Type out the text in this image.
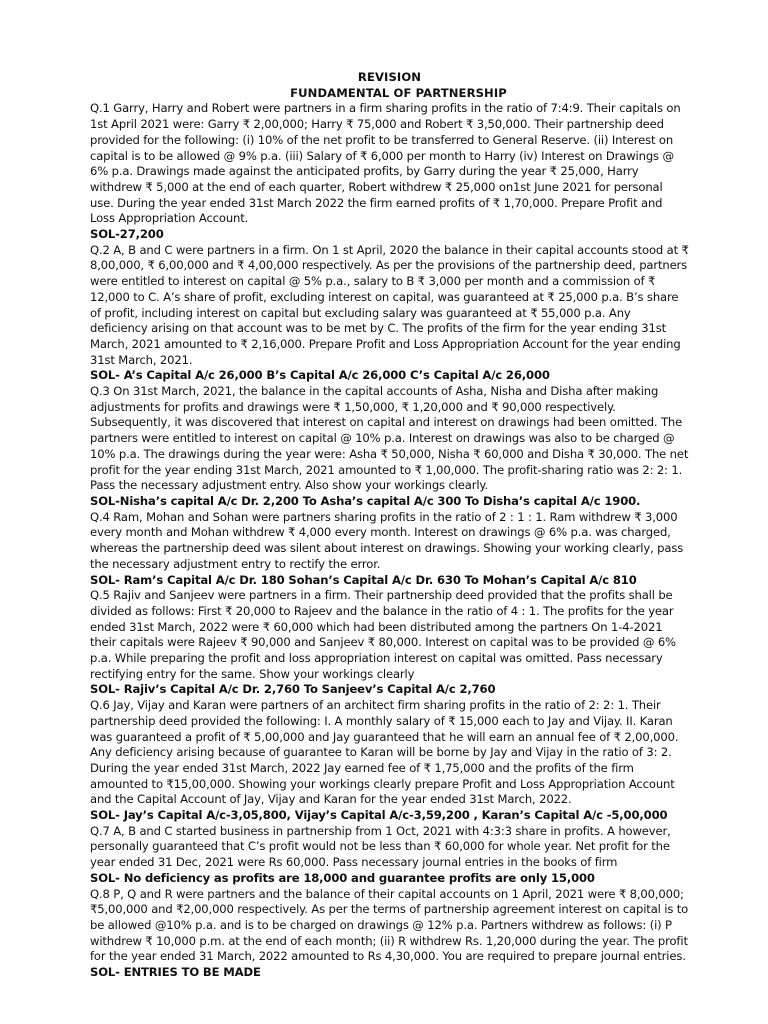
REVISION

FUNDAMENTAL OF PARTNERSHIP

Q.1 Garry, Harry and Robert were partners in a firm sharing profits in the ratio of 7:4:9. Their capitals on 1st April 2021 were: Garry ₹ 2,00,000; Harry ₹ 75,000 and Robert ₹ 3,50,000. Their partnership deed provided for the following: (i) 10% of the net profit to be transferred to General Reserve. (ii) Interest on capital is to be allowed @ 9% p.a. (iii) Salary of ₹ 6,000 per month to Harry (iv) Interest on Drawings @ 6% p.a. Drawings made against the anticipated profits, by Garry during the year ₹ 25,000, Harry withdrew ₹ 5,000 at the end of each quarter, Robert withdrew ₹ 25,000 on1st June 2021 for personal use. During the year ended 31st March 2022 the firm earned profits of ₹ 1,70,000. Prepare Profit and Loss Appropriation Account.

SOL-27,200

Q.2 A, B and C were partners in a firm. On 1 st April, 2020 the balance in their capital accounts stood at ₹ 8,00,000, ₹ 6,00,000 and ₹ 4,00,000 respectively. As per the provisions of the partnership deed, partners were entitled to interest on capital @ 5% p.a., salary to B ₹ 3,000 per month and a commission of ₹ 12,000 to C. A’s share of profit, excluding interest on capital, was guaranteed at ₹ 25,000 p.a. B’s share of profit, including interest on capital but excluding salary was guaranteed at ₹ 55,000 p.a. Any deficiency arising on that account was to be met by C. The profits of the firm for the year ending 31st March, 2021 amounted to ₹ 2,16,000. Prepare Profit and Loss Appropriation Account for the year ending 31st March, 2021.

SOL- A’s Capital A/c 26,000 B’s Capital A/c 26,000 C’s Capital A/c 26,000

Q.3 On 31st March, 2021, the balance in the capital accounts of Asha, Nisha and Disha after making adjustments for profits and drawings were ₹ 1,50,000, ₹ 1,20,000 and ₹ 90,000 respectively. Subsequently, it was discovered that interest on capital and interest on drawings had been omitted. The partners were entitled to interest on capital @ 10% p.a. Interest on drawings was also to be charged @ 10% p.a. The drawings during the year were: Asha ₹ 50,000, Nisha ₹ 60,000 and Disha ₹ 30,000. The net profit for the year ending 31st March, 2021 amounted to ₹ 1,00,000. The profit-sharing ratio was 2: 2: 1. Pass the necessary adjustment entry. Also show your workings clearly.

SOL-Nisha’s capital A/c Dr. 2,200 To Asha’s capital A/c 300 To Disha’s capital A/c 1900.

Q.4 Ram, Mohan and Sohan were partners sharing profits in the ratio of 2 : 1 : 1. Ram withdrew ₹ 3,000 every month and Mohan withdrew ₹ 4,000 every month. Interest on drawings @ 6% p.a. was charged, whereas the partnership deed was silent about interest on drawings. Showing your working clearly, pass the necessary adjustment entry to rectify the error.

SOL- Ram’s Capital A/c Dr. 180 Sohan’s Capital A/c Dr. 630 To Mohan’s Capital A/c 810

Q.5 Rajiv and Sanjeev were partners in a firm. Their partnership deed provided that the profits shall be divided as follows: First ₹ 20,000 to Rajeev and the balance in the ratio of 4 : 1. The profits for the year ended 31st March, 2022 were ₹ 60,000 which had been distributed among the partners On 1-4-2021 their capitals were Rajeev ₹ 90,000 and Sanjeev ₹ 80,000. Interest on capital was to be provided @ 6% p.a. While preparing the profit and loss appropriation interest on capital was omitted. Pass necessary rectifying entry for the same. Show your workings clearly

SOL- Rajiv’s Capital A/c Dr. 2,760 To Sanjeev’s Capital A/c 2,760

Q.6 Jay, Vijay and Karan were partners of an architect firm sharing profits in the ratio of 2: 2: 1. Their partnership deed provided the following: I. A monthly salary of ₹ 15,000 each to Jay and Vijay. II. Karan was guaranteed a profit of ₹ 5,00,000 and Jay guaranteed that he will earn an annual fee of ₹ 2,00,000. Any deficiency arising because of guarantee to Karan will be borne by Jay and Vijay in the ratio of 3: 2. During the year ended 31st March, 2022 Jay earned fee of ₹ 1,75,000 and the profits of the firm amounted to ₹15,00,000. Showing your workings clearly prepare Profit and Loss Appropriation Account and the Capital Account of Jay, Vijay and Karan for the year ended 31st March, 2022.

SOL- Jay’s Capital A/c-3,05,800, Vijay’s Capital A/c-3,59,200 , Karan’s Capital A/c -5,00,000

Q.7 A, B and C started business in partnership from 1 Oct, 2021 with 4:3:3 share in profits. A however, personally guaranteed that C’s profit would not be less than ₹ 60,000 for whole year. Net profit for the year ended 31 Dec, 2021 were Rs 60,000. Pass necessary journal entries in the books of firm

SOL- No deficiency as profits are 18,000 and guarantee profits are only 15,000

Q.8 P, Q and R were partners and the balance of their capital accounts on 1 April, 2021 were ₹ 8,00,000; ₹5,00,000 and ₹2,00,000 respectively. As per the terms of partnership agreement interest on capital is to be allowed @10% p.a. and is to be charged on drawings @ 12% p.a. Partners withdrew as follows: (i) P withdrew ₹ 10,000 p.m. at the end of each month; (ii) R withdrew Rs. 1,20,000 during the year. The profit for the year ended 31 March, 2022 amounted to Rs 4,30,000. You are required to prepare journal entries.

SOL- ENTRIES TO BE MADE
